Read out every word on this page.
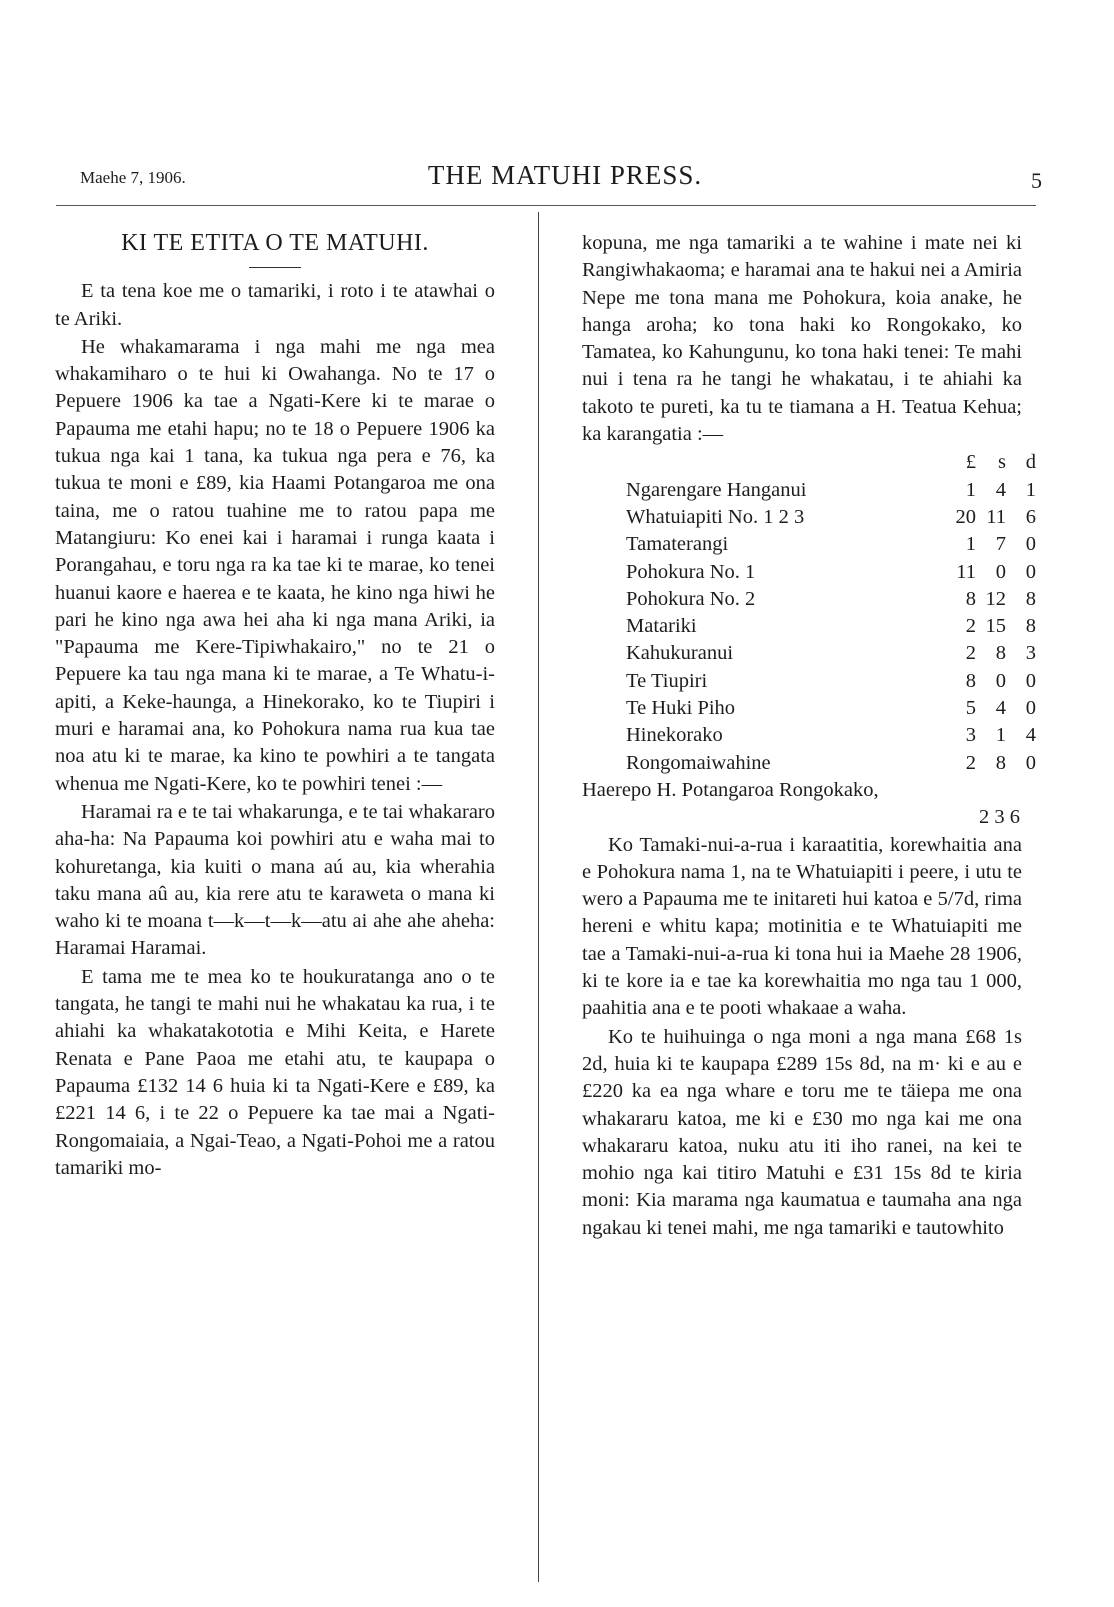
Maehe 7, 1906.	THE MATUHI PRESS.	5
KI TE ETITA O TE MATUHI.

E ta tena koe me o tamariki, i roto i te atawhai o te Ariki.

He whakamarama i nga mahi me nga mea whakamiharo o te hui ki Owahanga. No te 17 o Pepuere 1906 ka tae a Ngati-Kere ki te marae o Papauma me etahi hapu; no te 18 o Pepuere 1906 ka tukua nga kai 1 tana, ka tukua nga pera e 76, ka tukua te moni e £89, kia Haami Potangaroa me ona taina, me o ratou tuahine me to ratou papa me Matangiuru: Ko enei kai i haramai i runga kaata i Porangahau, e toru nga ra ka tae ki te marae, ko tenei huanui kaore e haerea e te kaata, he kino nga hiwi he pari he kino nga awa hei aha ki nga mana Ariki, ia "Papauma me Kere-Tipiwhakairo," no te 21 o Pepuere ka tau nga mana ki te marae, a Te Whatu-i-apiti, a Keke-haunga, a Hinekorako, ko te Tiupiri i muri e haramai ana, ko Pohokura nama rua kua tae noa atu ki te marae, ka kino te powhiri a te tangata whenua me Ngati-Kere, ko te powhiri tenei :—

Haramai ra e te tai whakarunga, e te tai whakararo aha-ha: Na Papauma koi powhiri atu e waha mai to kohuretanga, kia kuiti o mana aú au, kia wherahia taku mana aû au, kia rere atu te karaweta o mana ki waho ki te moana t—k—t—k—atu ai ahe ahe aheha: Haramai Haramai.

E tama me te mea ko te houkuratanga ano o te tangata, he tangi te mahi nui he whakatau ka rua, i te ahiahi ka whakatakototia e Mihi Keita, e Harete Renata e Pane Paoa me etahi atu, te kaupapa o Papauma £132 14 6 huia ki ta Ngati-Kere e £89, ka £221 14 6, i te 22 o Pepuere ka tae mai a Ngati-Rongomaiaia, a Ngai-Teao, a Ngati-Pohoi me a ratou tamariki mo-

kopuna, me nga tamariki a te wahine i mate nei ki Rangiwhakaoma; e haramai ana te hakui nei a Amiria Nepe me tona mana me Pohokura, koia anake, he hanga aroha; ko tona haki ko Rongokako, ko Tamatea, ko Kahungunu, ko tona haki tenei: Te mahi nui i tena ra he tangi he whakatau, i te ahiahi ka takoto te pureti, ka tu te tiamana a H. Teatua Kehua; ka karangatia :—

	£	s	d
Ngarengare Hanganui	1	4	1
Whatuiapiti No. 1 2 3	20	11	6
Tamaterangi	1	7	0
Pohokura No. 1	11	0	0
Pohokura No. 2	8	12	8
Matariki	2	15	8
Kahukuranui	2	8	3
Te Tiupiri	8	0	0
Te Huki Piho	5	4	0
Hinekorako	3	1	4
Rongomaiwahine	2	8	0
Haerepo H. Potangaroa Rongokako,
2 3 6

Ko Tamaki-nui-a-rua i karaatitia, korewhaitia ana e Pohokura nama 1, na te Whatuiapiti i peere, i utu te wero a Papauma me te initareti hui katoa e 5/7d, rima hereni e whitu kapa; motinitia e te Whatuiapiti me tae a Tamaki-nui-a-rua ki tona hui ia Maehe 28 1906, ki te kore ia e tae ka korewhaitia mo nga tau 1 000, paahitia ana e te pooti whakaae a waha.

Ko te huihuinga o nga moni a nga mana £68 1s 2d, huia ki te kaupapa £289 15s 8d, na m· ki e au e £220 ka ea nga whare e toru me te täiepa me ona whakararu katoa, me ki e £30 mo nga kai me ona whakararu katoa, nuku atu iti iho ranei, na kei te mohio nga kai titiro Matuhi e £31 15s 8d te kiria moni: Kia marama nga kaumatua e taumaha ana nga ngakau ki tenei mahi, me nga tamariki e tautowhito
